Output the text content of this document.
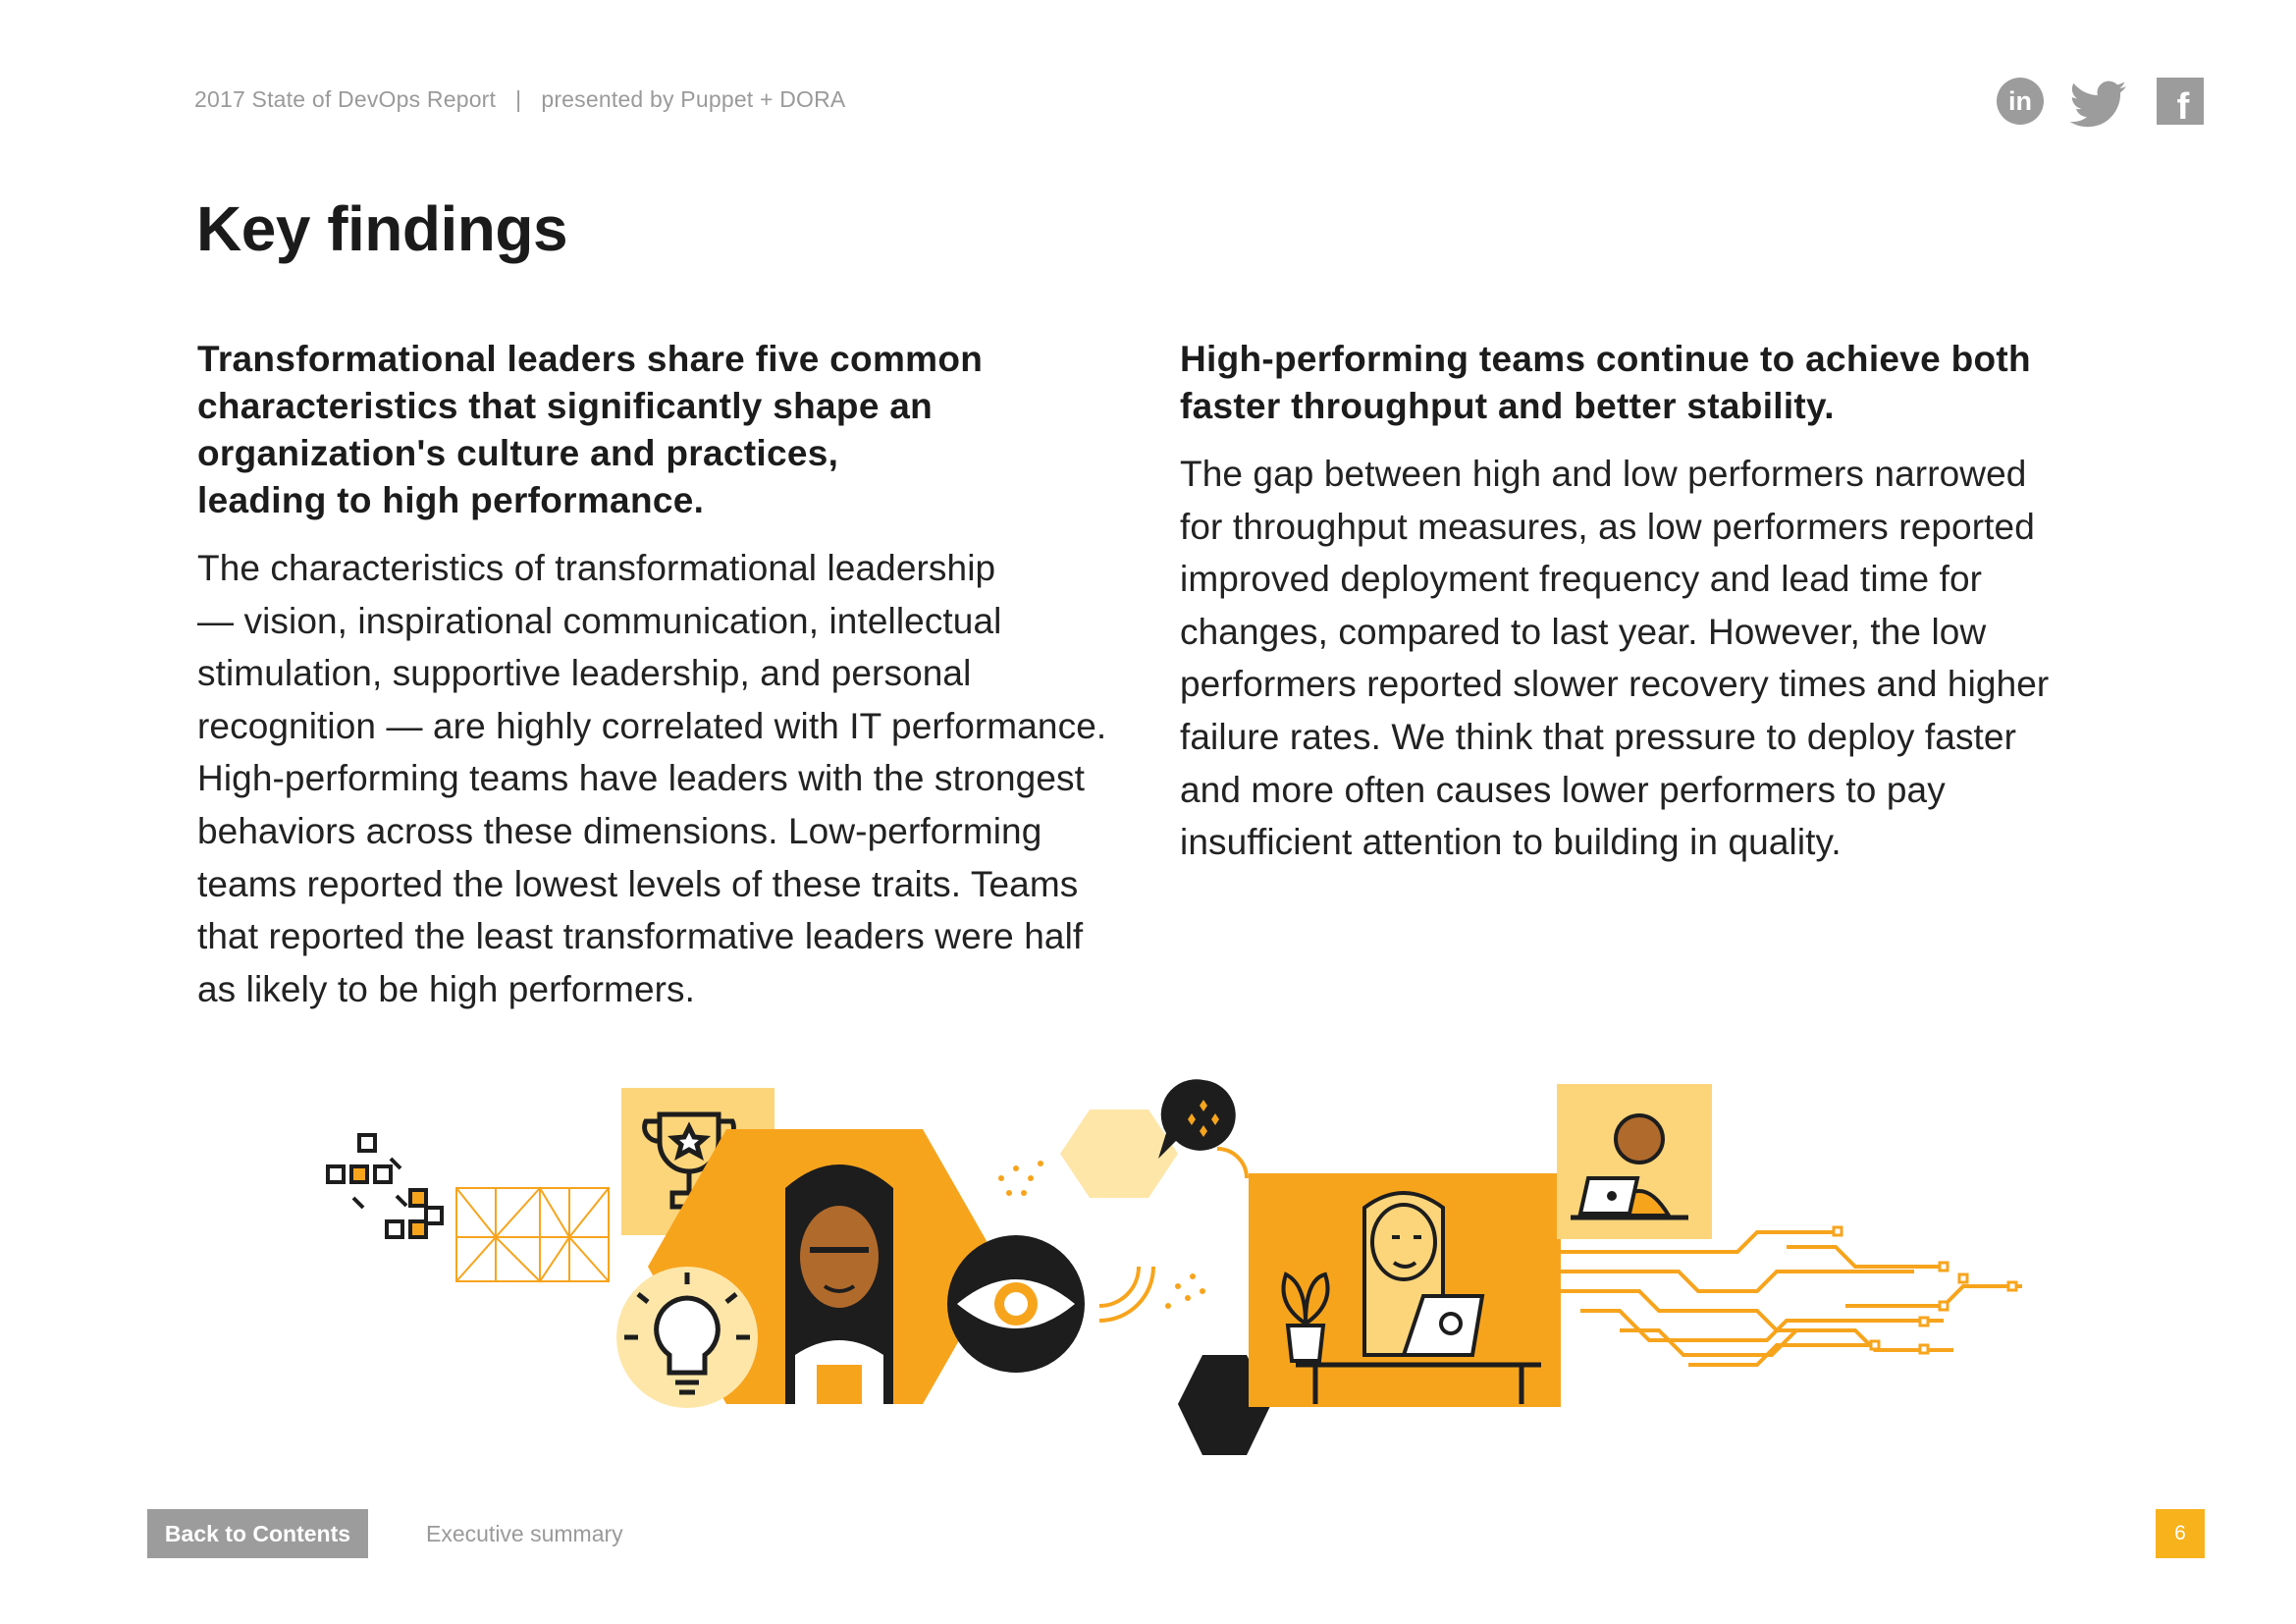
2017 State of DevOps Report | presented by Puppet + DORA	in	f
Key findings
Transformational leaders share five common
characteristics that significantly shape an
organization's culture and practices,
leading to high performance.

The characteristics of transformational leadership
— vision, inspirational communication, intellectual
stimulation, supportive leadership, and personal
recognition — are highly correlated with IT performance.
High-performing teams have leaders with the strongest
behaviors across these dimensions. Low-performing
teams reported the lowest levels of these traits. Teams
that reported the least transformative leaders were half
as likely to be high performers.

High-performing teams continue to achieve both
faster throughput and better stability.

The gap between high and low performers narrowed
for throughput measures, as low performers reported
improved deployment frequency and lead time for
changes, compared to last year. However, the low
performers reported slower recovery times and higher
failure rates. We think that pressure to deploy faster
and more often causes lower performers to pay
insufficient attention to building in quality.

Back to Contents	Executive summary	6
